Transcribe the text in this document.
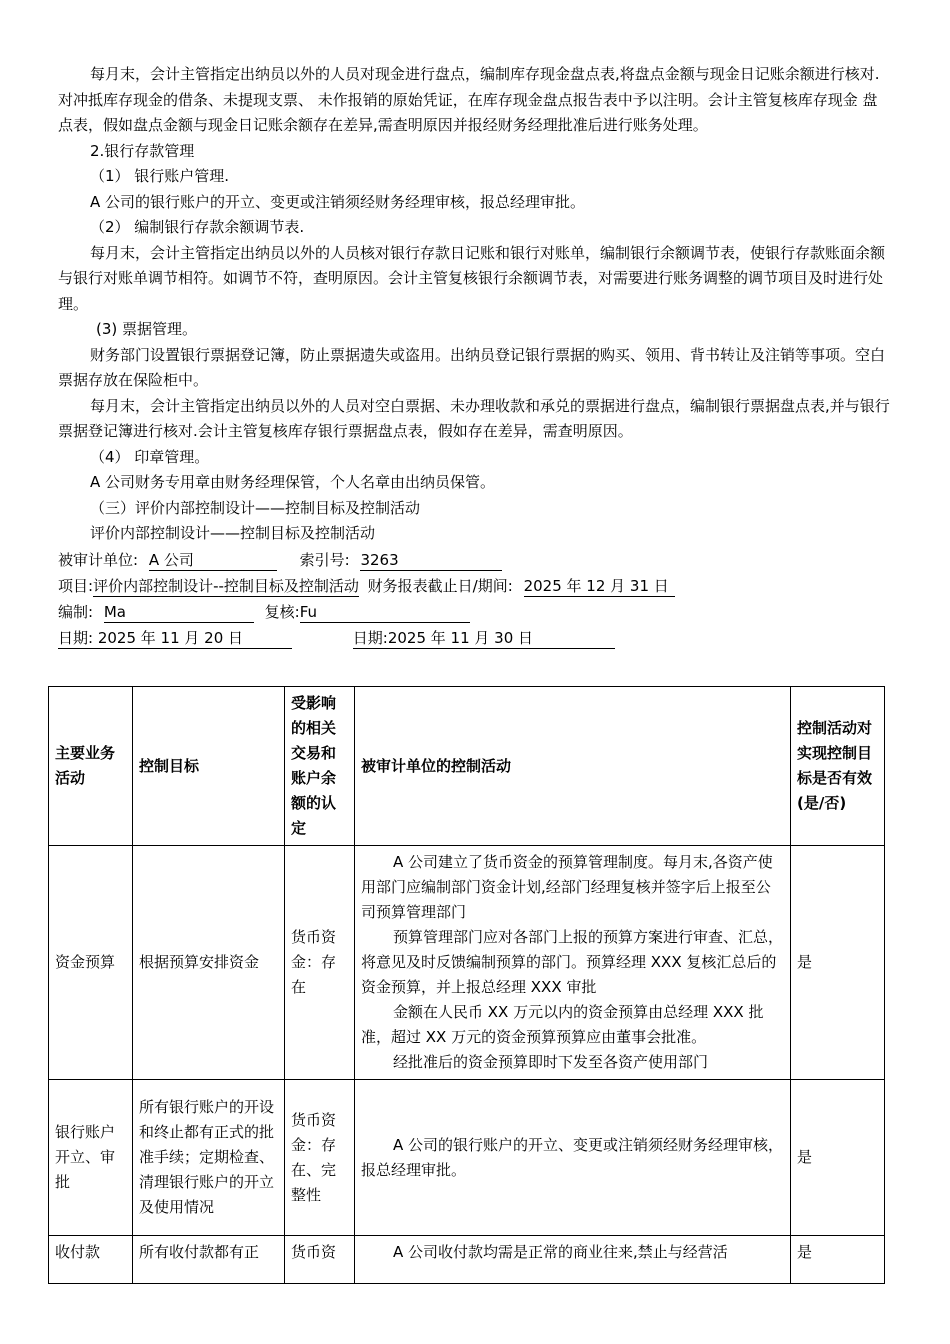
每月末，会计主管指定出纳员以外的人员对现金进行盘点，编制库存现金盘点表,将盘点金额与现金日记账余额进行核对.对冲抵库存现金的借条、未提现支票、 未作报销的原始凭证，在库存现金盘点报告表中予以注明。会计主管复核库存现金 盘点表，假如盘点金额与现金日记账余额存在差异,需查明原因并报经财务经理批准后进行账务处理。

2.银行存款管理

（1） 银行账户管理.

A 公司的银行账户的开立、变更或注销须经财务经理审核，报总经理审批。

（2） 编制银行存款余额调节表.

每月末，会计主管指定出纳员以外的人员核对银行存款日记账和银行对账单，编制银行余额调节表，使银行存款账面余额与银行对账单调节相符。如调节不符，查明原因。会计主管复核银行余额调节表，对需要进行账务调整的调节项目及时进行处理。

(3) 票据管理。

财务部门设置银行票据登记簿，防止票据遗失或盗用。出纳员登记银行票据的购买、领用、背书转让及注销等事项。空白票据存放在保险柜中。

每月末，会计主管指定出纳员以外的人员对空白票据、未办理收款和承兑的票据进行盘点，编制银行票据盘点表,并与银行票据登记簿进行核对.会计主管复核库存银行票据盘点表，假如存在差异，需查明原因。

（4） 印章管理。

A 公司财务专用章由财务经理保管，个人名章由出纳员保管。

（三）评价内部控制设计——控制目标及控制活动

评价内部控制设计——控制目标及控制活动

被审计单位: A 公司	索引号: 3263
项目:评价内部控制设计--控制目标及控制活动 财务报表截止日/期间: 2025 年 12 月 31 日
编制: Ma	复核:Fu
日期: 2025 年 11 月 20 日	日期:2025 年 11 月 30 日
主要业务活动	控制目标	受影响的相关交易和账户余额的认定	被审计单位的控制活动	控制活动对实现控制目标是否有效(是/否)
资金预算	根据预算安排资金	货币资金：存在	A 公司建立了货币资金的预算管理制度。每月末,各资产使用部门应编制部门资金计划,经部门经理复核并签字后上报至公司预算管理部门

预算管理部门应对各部门上报的预算方案进行审查、汇总，将意见及时反馈编制预算的部门。预算经理 XXX 复核汇总后的资金预算，并上报总经理 XXX 审批

金额在人民币 XX 万元以内的资金预算由总经理 XXX 批准，超过 XX 万元的资金预算预算应由董事会批准。

经批准后的资金预算即时下发至各资产使用部门	是
银行账户开立、审批	所有银行账户的开设和终止都有正式的批准手续；定期检查、清理银行账户的开立及使用情况	货币资金：存在、完整性	A 公司的银行账户的开立、变更或注销须经财务经理审核，报总经理审批。	是
收付款	所有收付款都有正	货币资	A 公司收付款均需是正常的商业往来,禁止与经营活	是
